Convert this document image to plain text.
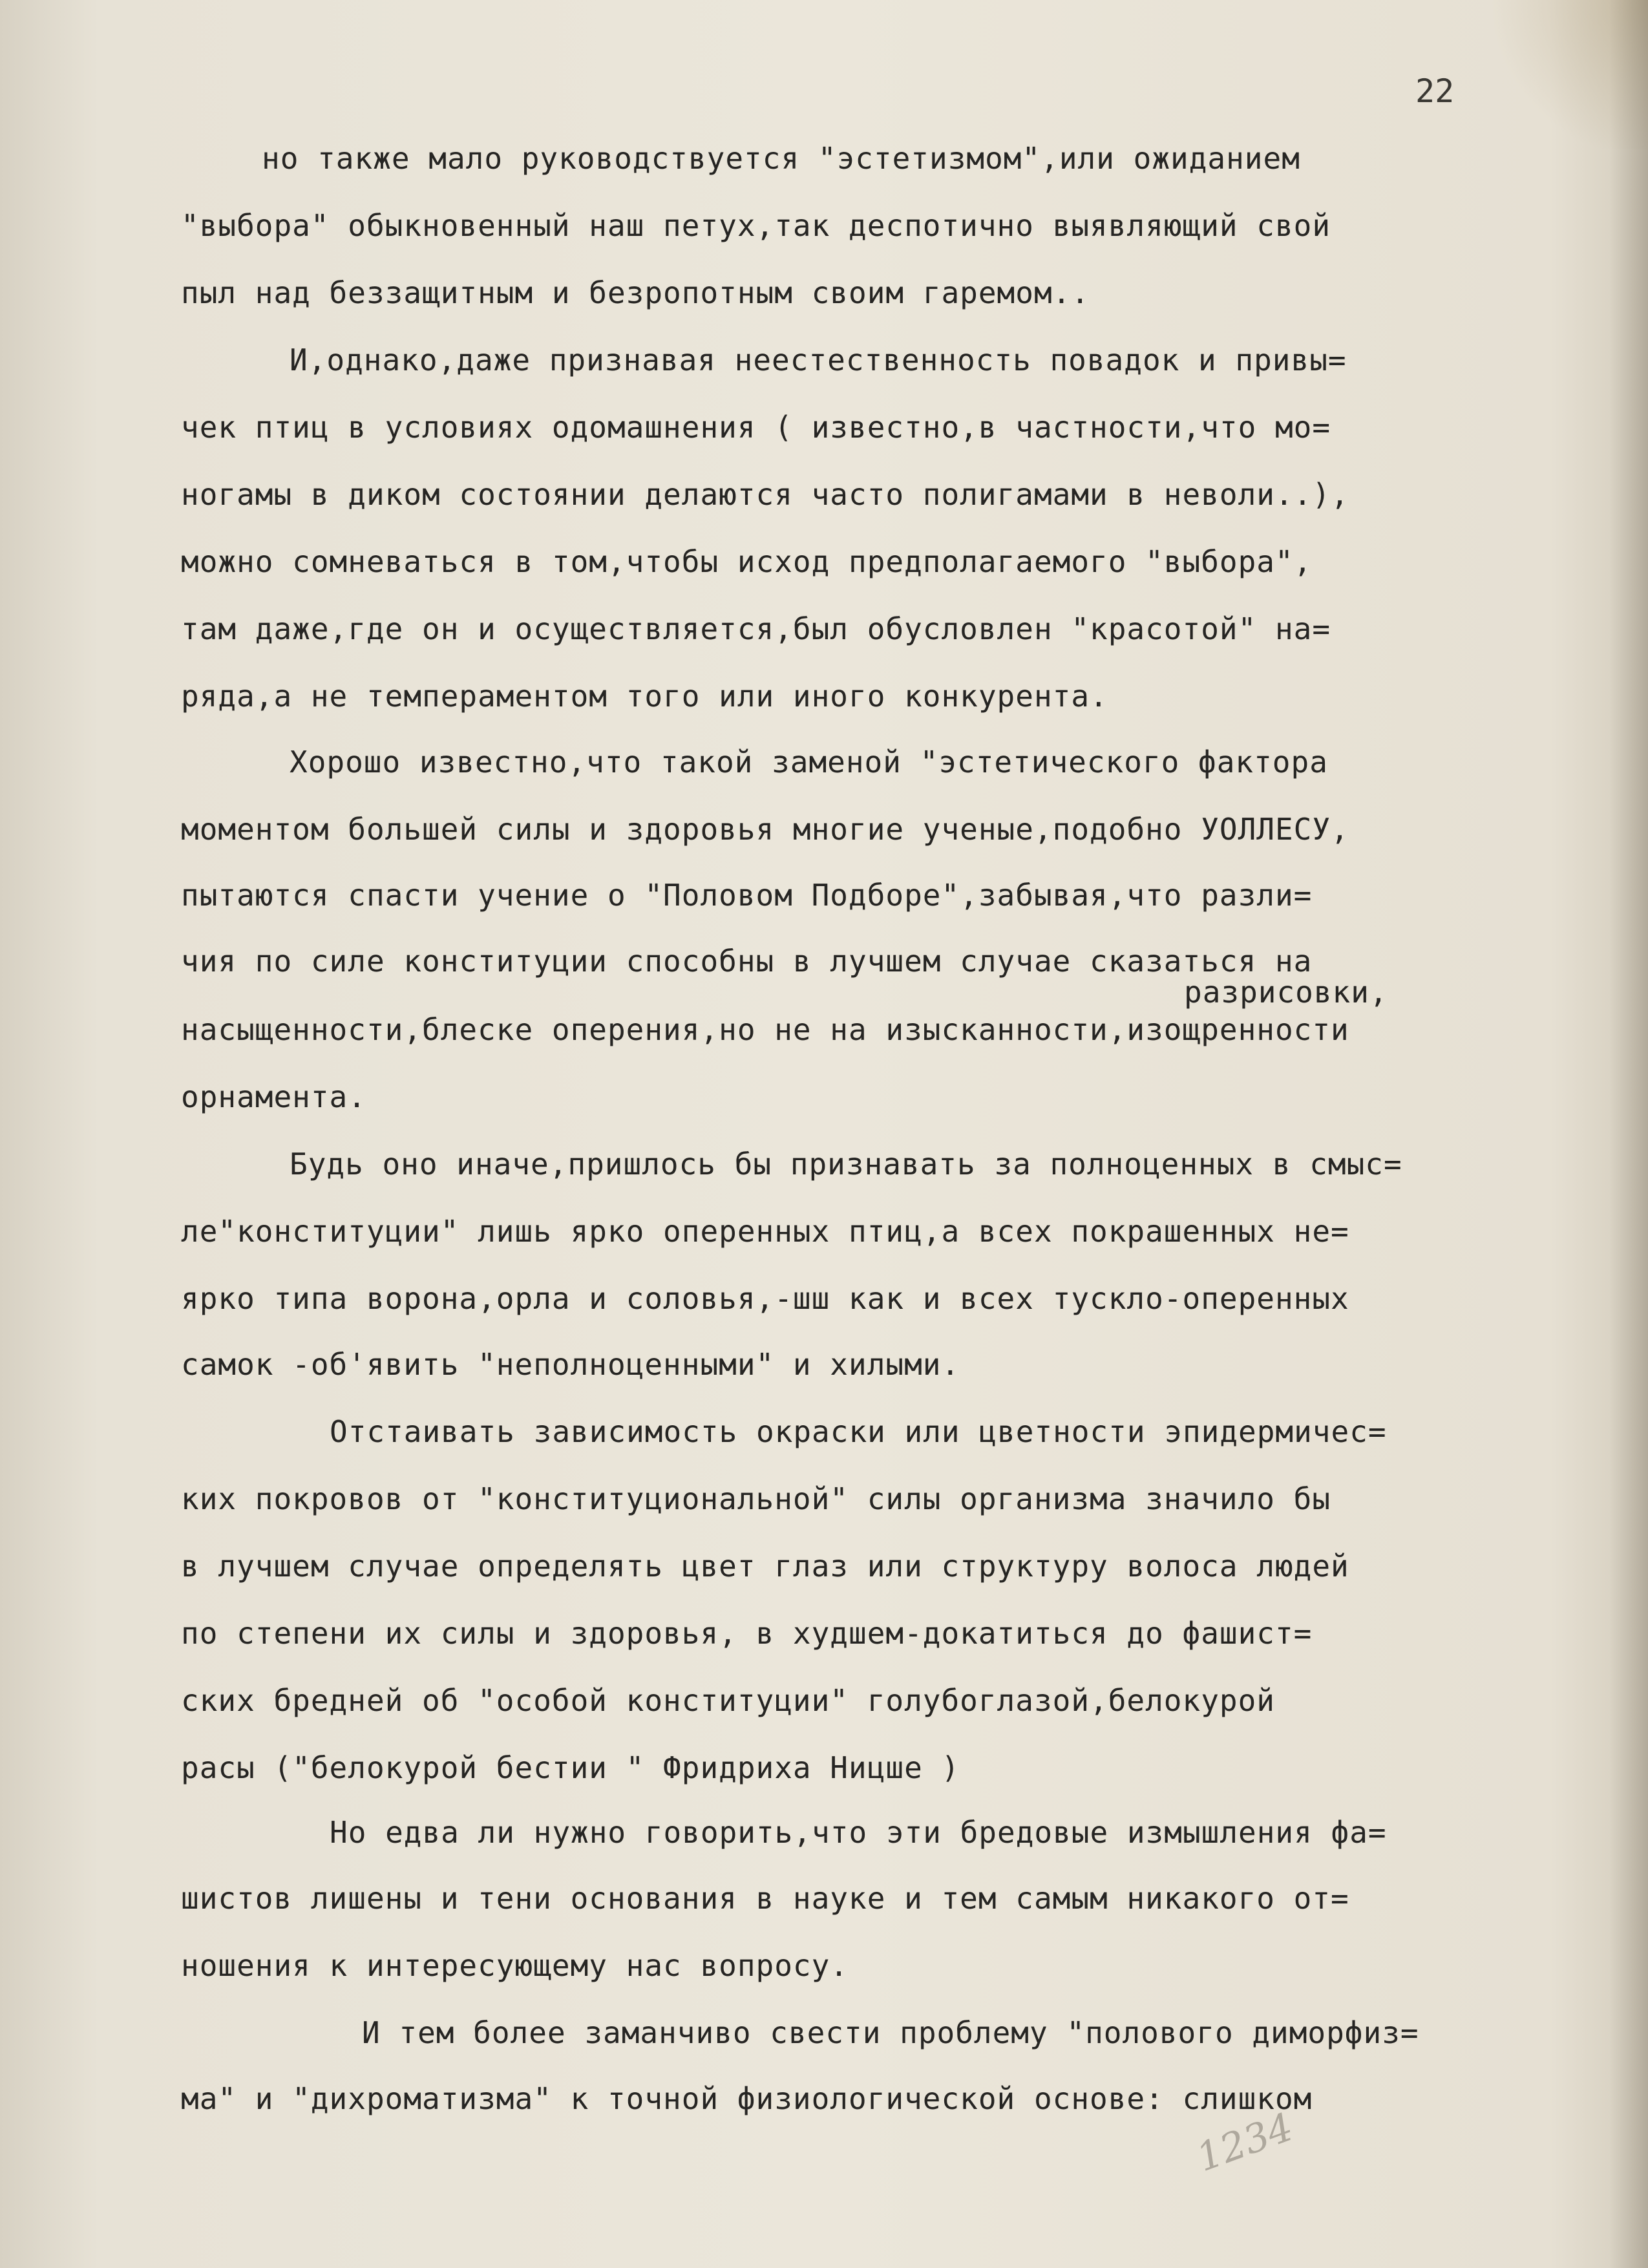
22
но также мало руководствуется "эстетизмом",или ожиданием
"выбора" обыкновенный наш петух,так деспотично выявляющий свой
пыл над беззащитным и безропотным своим гаремом..
И,однако,даже признавая неестественность повадок и привы=
чек птиц в условиях одомашнения ( известно,в частности,что мо=
ногамы в диком состоянии делаются часто полигамами в неволи..),
можно сомневаться в том,чтобы исход предполагаемого "выбора",
там даже,где он и осуществляется,был обусловлен "красотой" на=
ряда,а не темпераментом того или иного конкурента.
Хорошо известно,что такой заменой "эстетического фактора
моментом большей силы и здоровья многие ученые,подобно УОЛЛЕСУ,
пытаются спасти учение о "Половом Подборе",забывая,что разли=
чия по силе конституции способны в лучшем случае сказаться на
разрисовки,
насыщенности,блеске оперения,но не на изысканности,изощренности
орнамента.
Будь оно иначе,пришлось бы признавать за полноценных в смыс=
ле"конституции" лишь ярко оперенных птиц,а всех покрашенных не=
ярко типа ворона,орла и соловья,-шш как и всех тускло-оперенных
самок -об'явить "неполноценными" и хилыми.
Отстаивать зависимость окраски или цветности эпидермичес=
ких покровов от "конституциональной" силы организма значило бы
в лучшем случае определять цвет глаз или структуру волоса людей
по степени их силы и здоровья, в худшем-докатиться до фашист=
ских бредней об "особой конституции" голубоглазой,белокурой
расы ("белокурой бестии " Фридриха Ницше )
Но едва ли нужно говорить,что эти бредовые измышления фа=
шистов лишены и тени основания в науке и тем самым никакого от=
ношения к интересующему нас вопросу.
И тем более заманчиво свести проблему "полового диморфиз=
ма" и "дихроматизма" к точной физиологической основе: слишком
1234
